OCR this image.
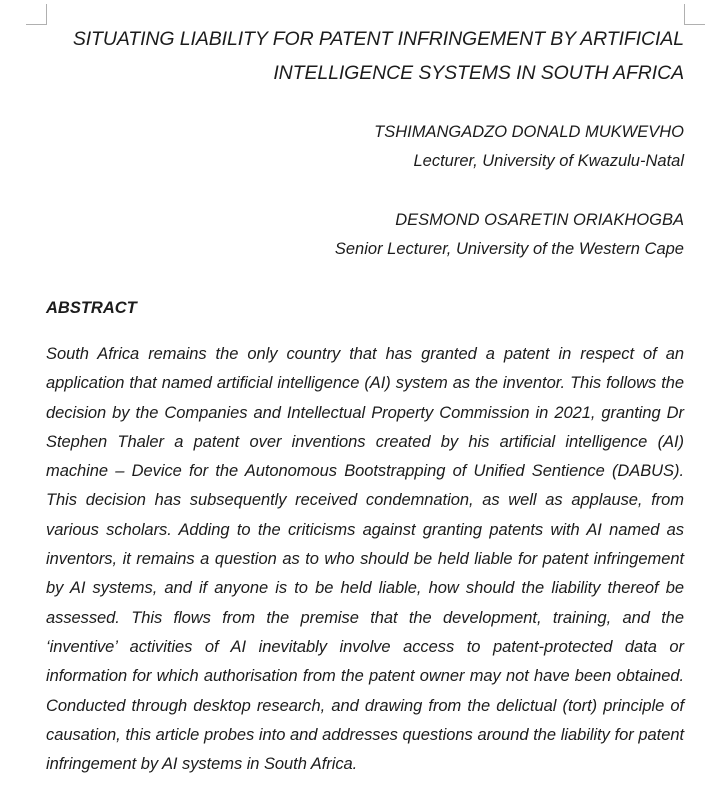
SITUATING LIABILITY FOR PATENT INFRINGEMENT BY ARTIFICIAL INTELLIGENCE SYSTEMS IN SOUTH AFRICA
TSHIMANGADZO DONALD MUKWEVHO
Lecturer, University of Kwazulu-Natal
DESMOND OSARETIN ORIAKHOGBA
Senior Lecturer, University of the Western Cape
ABSTRACT

South Africa remains the only country that has granted a patent in respect of an application that named artificial intelligence (AI) system as the inventor. This follows the decision by the Companies and Intellectual Property Commission in 2021, granting Dr Stephen Thaler a patent over inventions created by his artificial intelligence (AI) machine – Device for the Autonomous Bootstrapping of Unified Sentience (DABUS). This decision has subsequently received condemnation, as well as applause, from various scholars. Adding to the criticisms against granting patents with AI named as inventors, it remains a question as to who should be held liable for patent infringement by AI systems, and if anyone is to be held liable, how should the liability thereof be assessed. This flows from the premise that the development, training, and the ‘inventive’ activities of AI inevitably involve access to patent-protected data or information for which authorisation from the patent owner may not have been obtained. Conducted through desktop research, and drawing from the delictual (tort) principle of causation, this article probes into and addresses questions around the liability for patent infringement by AI systems in South Africa.
